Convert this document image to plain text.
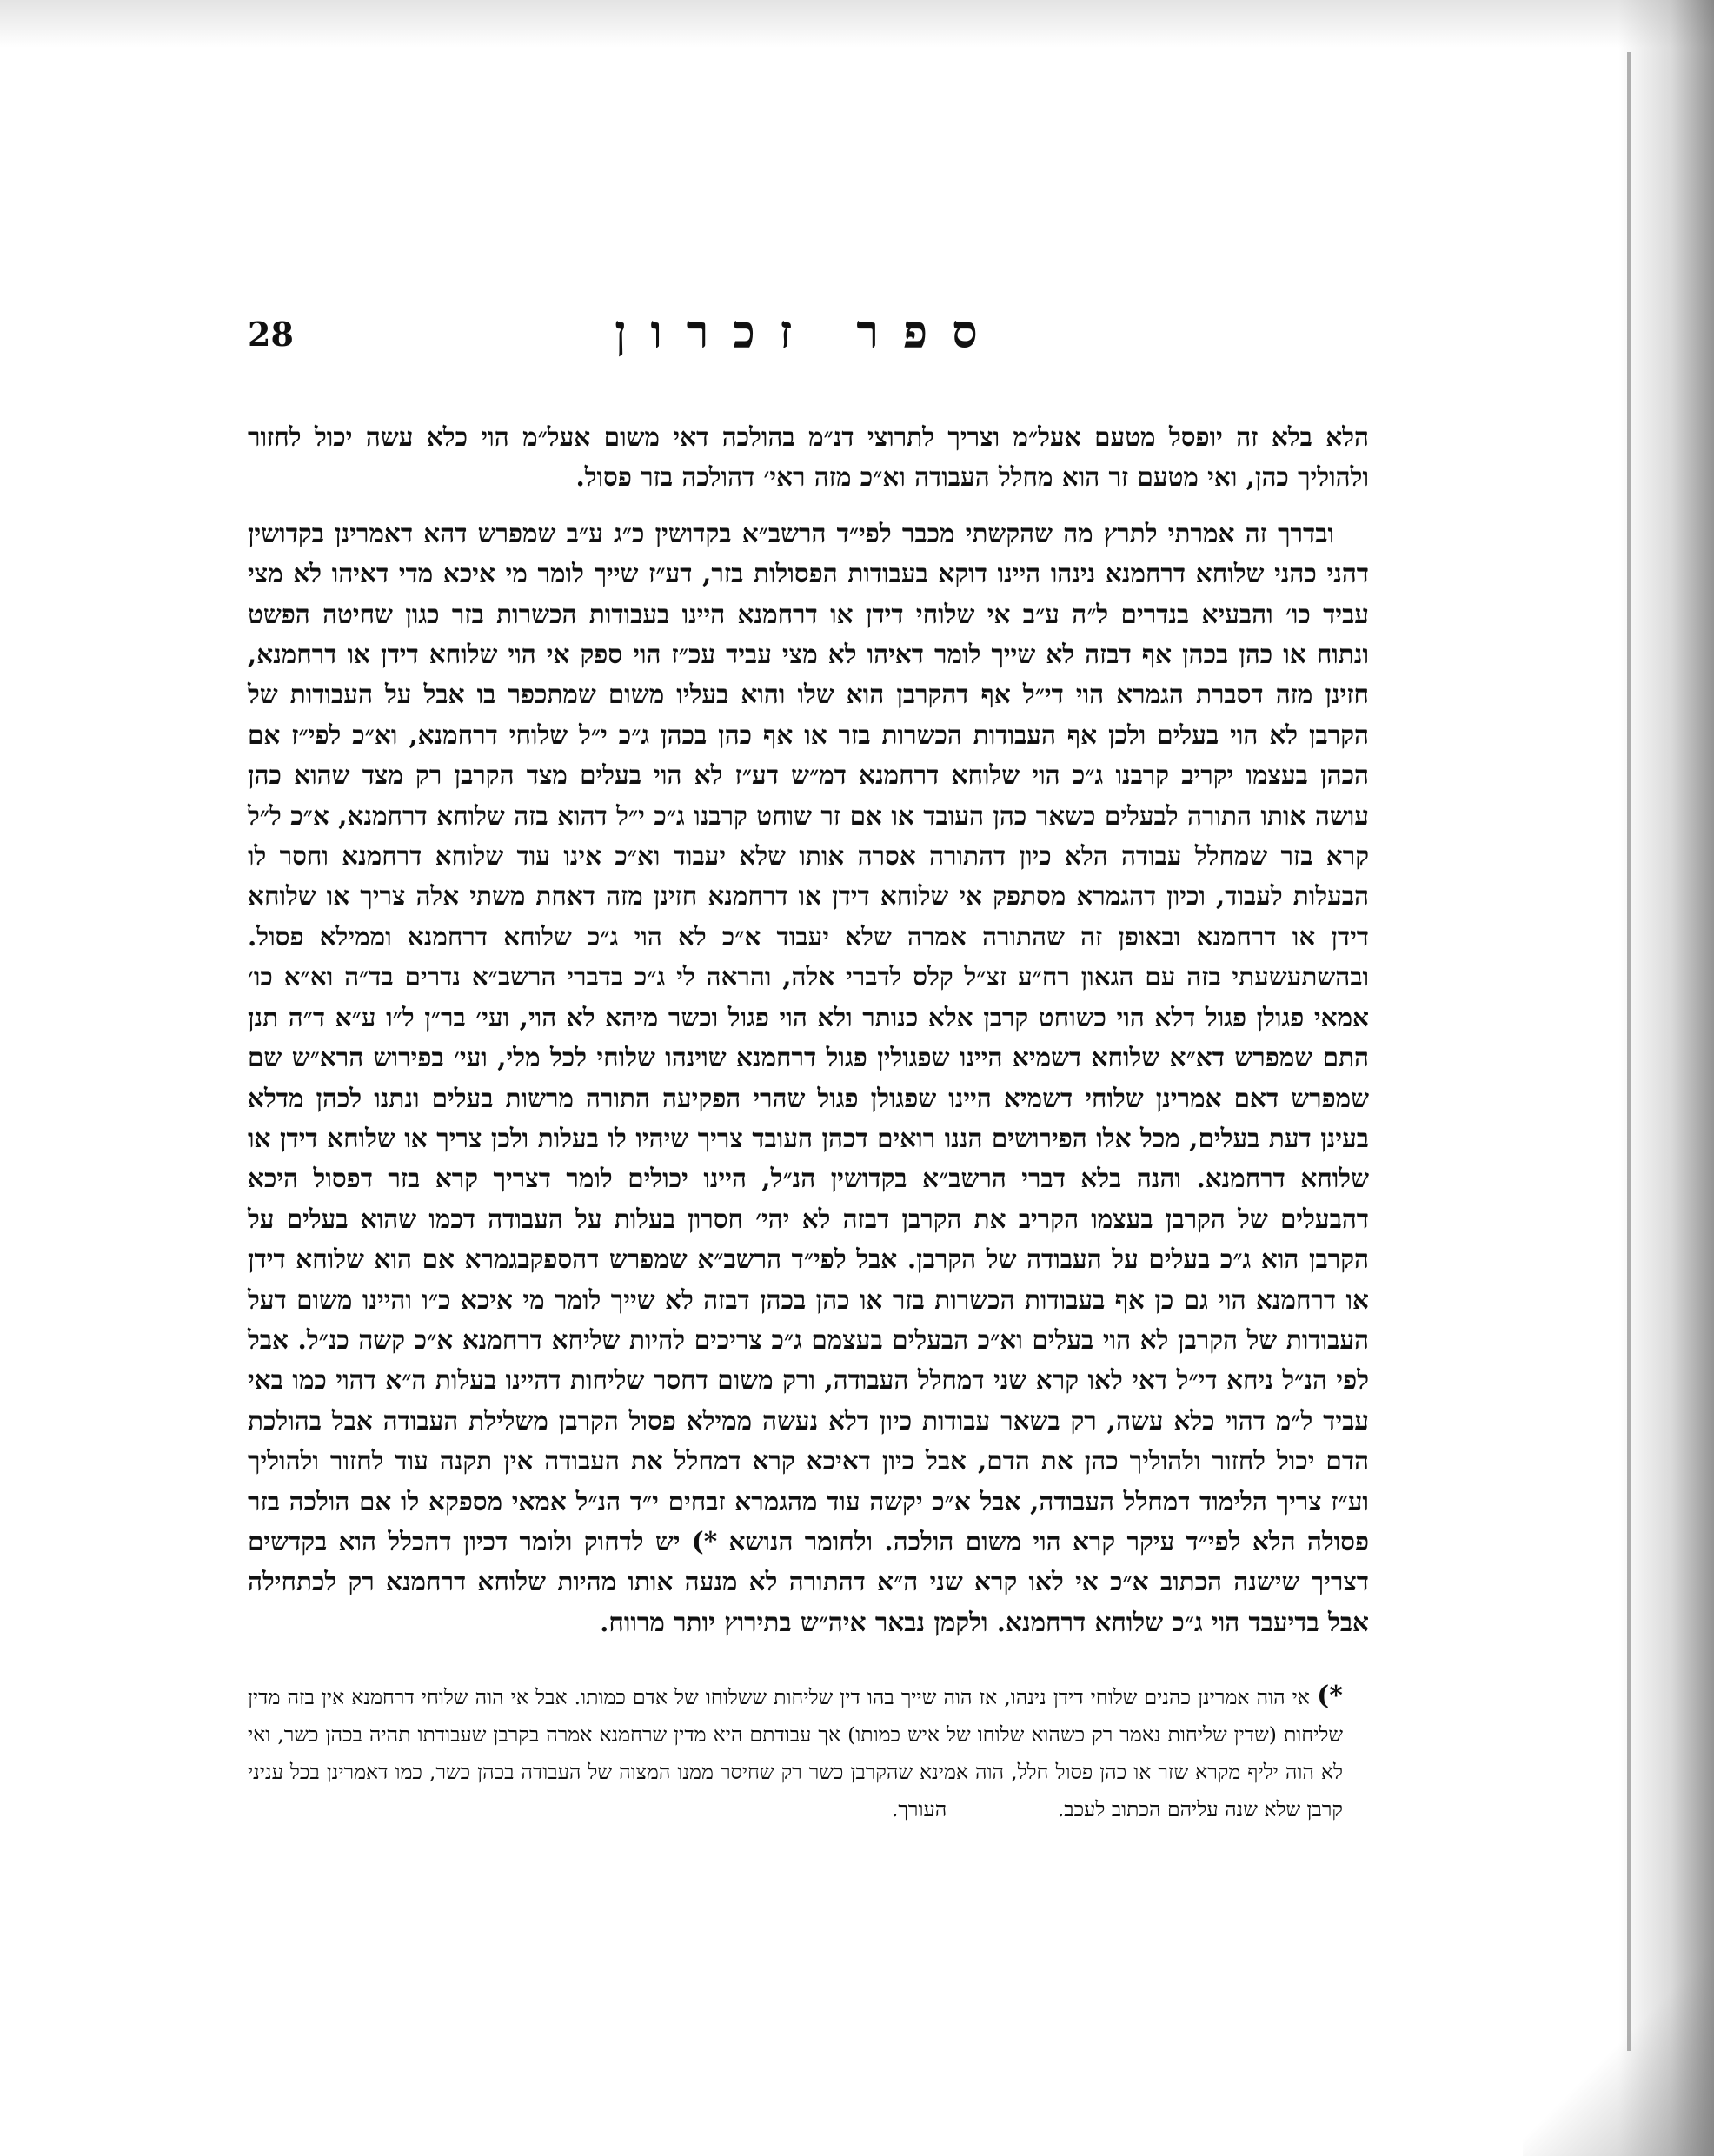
28	ספר זכרון

הלא בלא זה יופסל מטעם אעל״מ וצריך לתרוצי דנ״מ בהולכה דאי משום אעל״מ הוי כלא עשה יכול לחזור ולהוליך כהן, ואי מטעם זר הוא מחלל העבודה וא״כ מזה ראי׳ דהולכה בזר פסול.

ובדרך זה אמרתי לתרץ מה שהקשתי מכבר לפי״ד הרשב״א בקדושין כ״ג ע״ב שמפרש דהא דאמרינן בקדושין דהני כהני שלוחא דרחמנא נינהו היינו דוקא בעבודות הפסולות בזר, דע״ז שייך לומר מי איכא מדי דאיהו לא מצי עביד כו׳ והבעיא בנדרים ל״ה ע״ב אי שלוחי דידן או דרחמנא היינו בעבודות הכשרות בזר כגון שחיטה הפשט ונתוח או כהן בכהן אף דבזה לא שייך לומר דאיהו לא מצי עביד עכ״ז הוי ספק אי הוי שלוחא דידן או דרחמנא, חזינן מזה דסברת הגמרא הוי די״ל אף דהקרבן הוא שלו והוא בעליו משום שמתכפר בו אבל על העבודות של הקרבן לא הוי בעלים ולכן אף העבודות הכשרות בזר או אף כהן בכהן ג״כ י״ל שלוחי דרחמנא, וא״כ לפי״ז אם הכהן בעצמו יקריב קרבנו ג״כ הוי שלוחא דרחמנא דמ״ש דע״ז לא הוי בעלים מצד הקרבן רק מצד שהוא כהן עושה אותו התורה לבעלים כשאר כהן העובד או אם זר שוחט קרבנו ג״כ י״ל דהוא בזה שלוחא דרחמנא, א״כ ל״ל קרא בזר שמחלל עבודה הלא כיון דהתורה אסרה אותו שלא יעבוד וא״כ אינו עוד שלוחא דרחמנא וחסר לו הבעלות לעבוד, וכיון דהגמרא מסתפק אי שלוחא דידן או דרחמנא חזינן מזה דאחת משתי אלה צריך או שלוחא דידן או דרחמנא ובאופן זה שהתורה אמרה שלא יעבוד א״כ לא הוי ג״כ שלוחא דרחמנא וממילא פסול. ובהשתעשעתי בזה עם הגאון רח״ע זצ״ל קלס לדברי אלה, והראה לי ג״כ בדברי הרשב״א נדרים בד״ה וא״א כו׳ אמאי פגולן פגול דלא הוי כשוחט קרבן אלא כנותר ולא הוי פגול וכשר מיהא לא הוי, ועי׳ בר״ן ל״ו ע״א ד״ה תנן התם שמפרש דא״א שלוחא דשמיא היינו שפגולין פגול דרחמנא שוינהו שלוחי לכל מלי, ועי׳ בפירוש הרא״ש שם שמפרש דאם אמרינן שלוחי דשמיא היינו שפגולן פגול שהרי הפקיעה התורה מרשות בעלים ונתנו לכהן מדלא בעינן דעת בעלים, מכל אלו הפירושים הננו רואים דכהן העובד צריך שיהיו לו בעלות ולכן צריך או שלוחא דידן או שלוחא דרחמנא. והנה בלא דברי הרשב״א בקדושין הנ״ל, היינו יכולים לומר דצריך קרא בזר דפסול היכא דהבעלים של הקרבן בעצמו הקריב את הקרבן דבזה לא יהי׳ חסרון בעלות על העבודה דכמו שהוא בעלים על הקרבן הוא ג״כ בעלים על העבודה של הקרבן. אבל לפי״ד הרשב״א שמפרש דהספקבגמרא אם הוא שלוחא דידן או דרחמנא הוי גם כן אף בעבודות הכשרות בזר או כהן בכהן דבזה לא שייך לומר מי איכא כ״ו והיינו משום דעל העבודות של הקרבן לא הוי בעלים וא״כ הבעלים בעצמם ג״כ צריכים להיות שליחא דרחמנא א״כ קשה כנ״ל. אבל לפי הנ״ל ניחא די״ל דאי לאו קרא שני דמחלל העבודה, ורק משום דחסר שליחות דהיינו בעלות ה״א דהוי כמו באי עביד ל״מ דהוי כלא עשה, רק בשאר עבודות כיון דלא נעשה ממילא פסול הקרבן משלילת העבודה אבל בהולכת הדם יכול לחזור ולהוליך כהן את הדם, אבל כיון דאיכא קרא דמחלל את העבודה אין תקנה עוד לחזור ולהוליך וע״ז צריך הלימוד דמחלל העבודה, אבל א״כ יקשה עוד מהגמרא זבחים י״ד הנ״ל אמאי מספקא לו אם הולכה בזר פסולה הלא לפי״ד עיקר קרא הוי משום הולכה. ולחומר הנושא *) יש לדחוק ולומר דכיון דהכלל הוא בקדשים דצריך שישנה הכתוב א״כ אי לאו קרא שני ה״א דהתורה לא מנעה אותו מהיות שלוחא דרחמנא רק לכתחילה אבל בדיעבד הוי ג״כ שלוחא דרחמנא. ולקמן נבאר איה״ש בתירוץ יותר מרווח.

*) אי הוה אמרינן כהנים שלוחי דידן נינהו, אז הוה שייך בהו דין שליחות ששלוחו של אדם כמותו. אבל אי הוה שלוחי דרחמנא אין בזה מדין שליחות (שדין שליחות נאמר רק כשהוא שלוחו של איש כמותו) אך עבודתם היא מדין שרחמנא אמרה בקרבן שעבודתו תהיה בכהן כשר, ואי לא הוה יליף מקרא שזר או כהן פסול חלל, הוה אמינא שהקרבן כשר רק שחיסר ממנו המצוה של העבודה בכהן כשר, כמו דאמרינן בכל עניני קרבן שלא שנה עליהם הכתוב לעכב. העורך.
